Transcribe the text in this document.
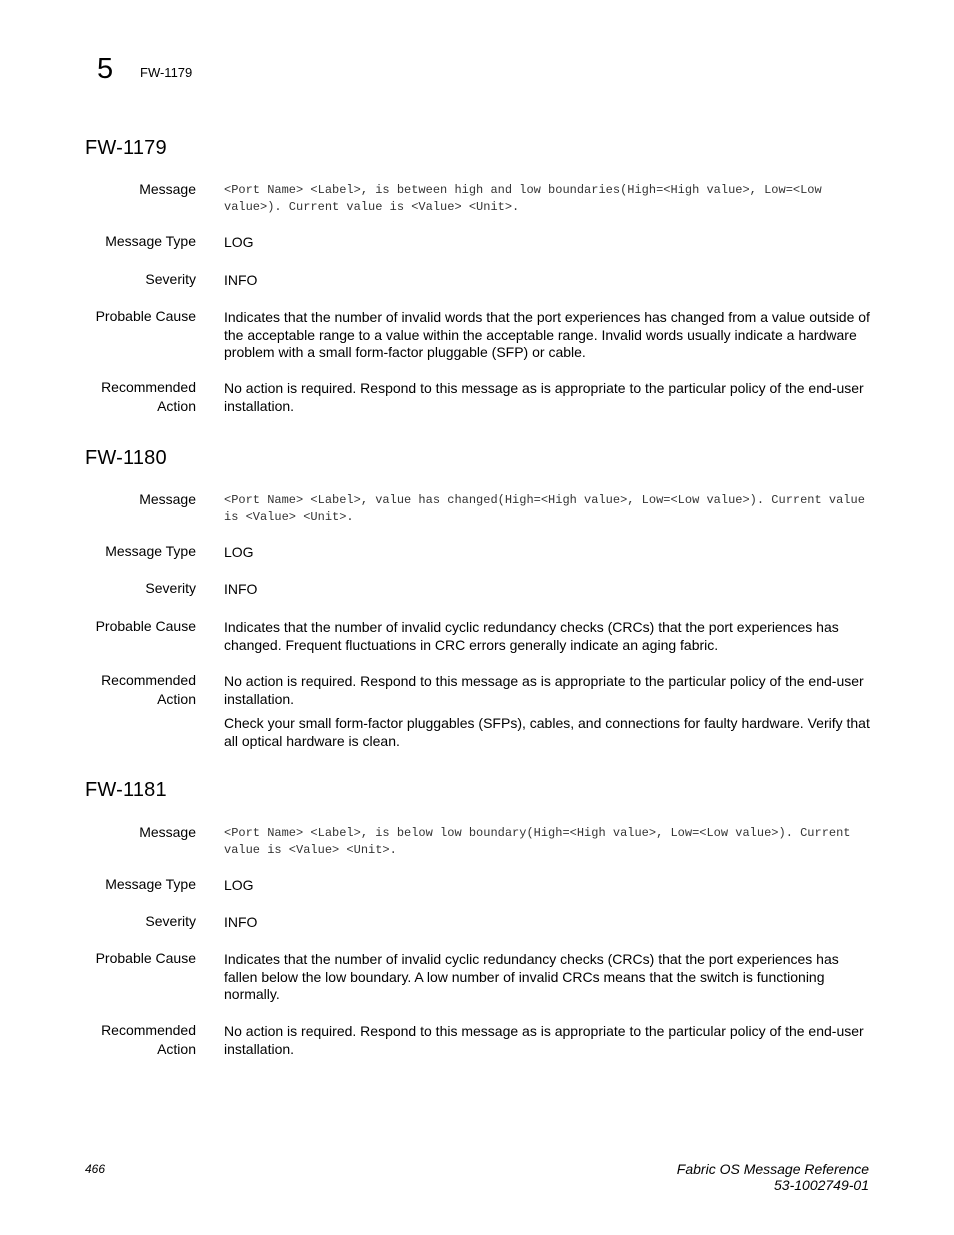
5 FW-1179
FW-1179
Message <Port Name> <Label>, is between high and low boundaries(High=<High value>, Low=<Low value>). Current value is <Value> <Unit>.
Message Type LOG
Severity INFO
Probable Cause Indicates that the number of invalid words that the port experiences has changed from a value outside of the acceptable range to a value within the acceptable range. Invalid words usually indicate a hardware problem with a small form-factor pluggable (SFP) or cable.
Recommended
Action

No action is required. Respond to this message as is appropriate to the particular policy of the end-user installation.

FW-1180
Message <Port Name> <Label>, value has changed(High=<High value>, Low=<Low value>). Current value is <Value> <Unit>.
Message Type LOG
Severity INFO
Probable Cause Indicates that the number of invalid cyclic redundancy checks (CRCs) that the port experiences has changed. Frequent fluctuations in CRC errors generally indicate an aging fabric.
Recommended
Action

No action is required. Respond to this message as is appropriate to the particular policy of the end-user installation.

Check your small form-factor pluggables (SFPs), cables, and connections for faulty hardware. Verify that all optical hardware is clean.

FW-1181
Message <Port Name> <Label>, is below low boundary(High=<High value>, Low=<Low value>). Current value is <Value> <Unit>.
Message Type LOG
Severity INFO
Probable Cause Indicates that the number of invalid cyclic redundancy checks (CRCs) that the port experiences has fallen below the low boundary. A low number of invalid CRCs means that the switch is functioning normally.
Recommended
Action

No action is required. Respond to this message as is appropriate to the particular policy of the end-user installation.

466	Fabric OS Message Reference
53-1002749-01
